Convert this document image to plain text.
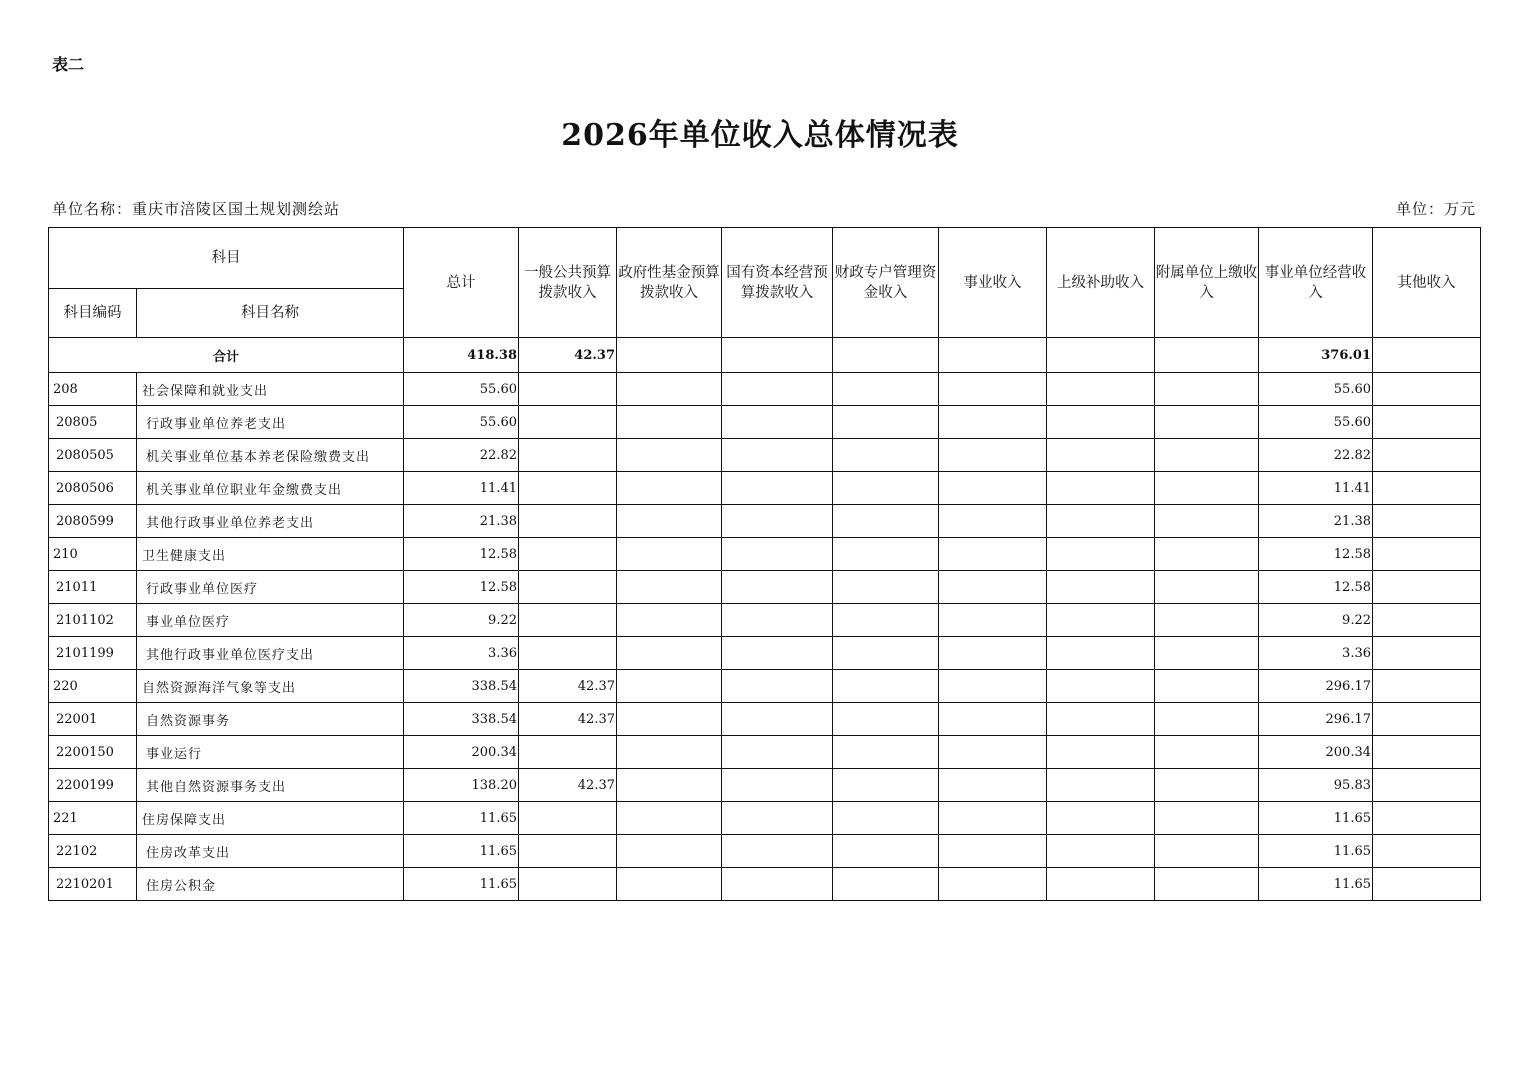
表二
2026年单位收入总体情况表
单位名称：重庆市涪陵区国土规划测绘站	单位：万元
科目		总计	一般公共预算拨款收入	政府性基金预算拨款收入	国有资本经营预算拨款收入	财政专户管理资金收入	事业收入	上级补助收入	附属单位上缴收入	事业单位经营收入	其他收入
科目编码	科目名称										
合计		418.38	42.37							376.01	
208	社会保障和就业支出	55.60								55.60	
20805	行政事业单位养老支出	55.60								55.60	
2080505	机关事业单位基本养老保险缴费支出	22.82								22.82	
2080506	机关事业单位职业年金缴费支出	11.41								11.41	
2080599	其他行政事业单位养老支出	21.38								21.38	
210	卫生健康支出	12.58								12.58	
21011	行政事业单位医疗	12.58								12.58	
2101102	事业单位医疗	9.22								9.22	
2101199	其他行政事业单位医疗支出	3.36								3.36	
220	自然资源海洋气象等支出	338.54	42.37							296.17	
22001	自然资源事务	338.54	42.37							296.17	
2200150	事业运行	200.34								200.34	
2200199	其他自然资源事务支出	138.20	42.37							95.83	
221	住房保障支出	11.65								11.65	
22102	住房改革支出	11.65								11.65	
2210201	住房公积金	11.65								11.65	
